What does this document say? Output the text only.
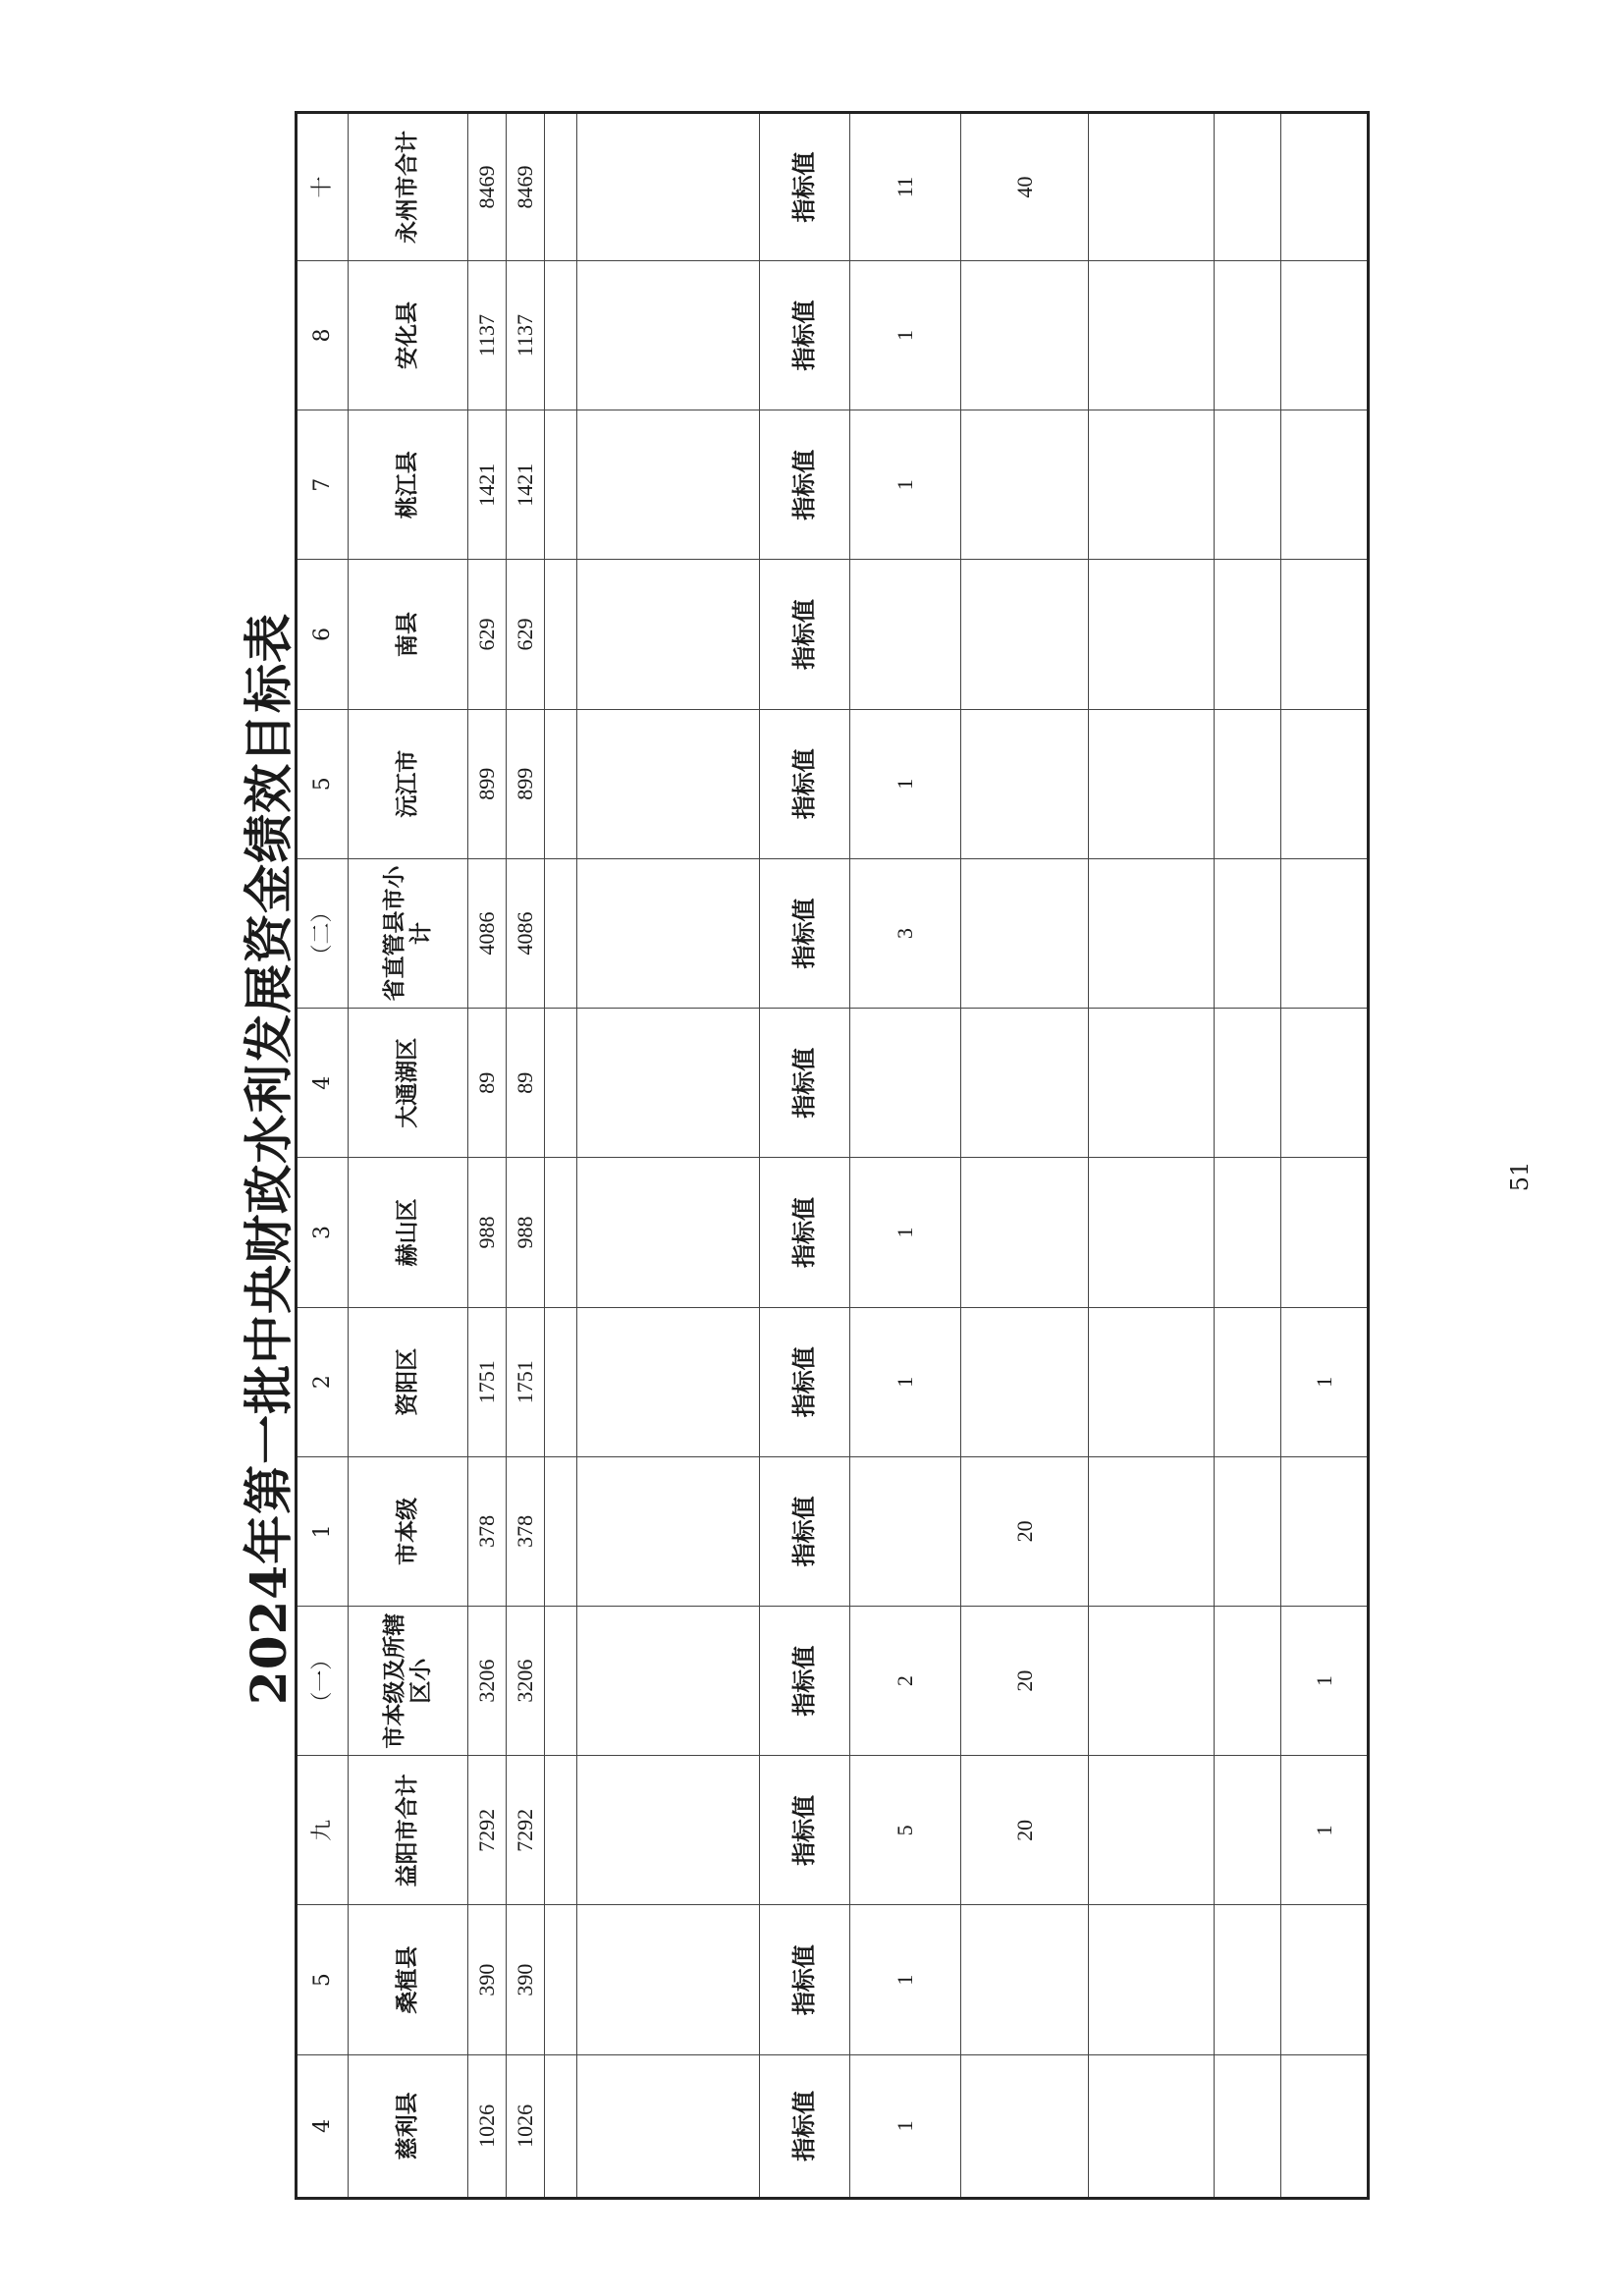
2024年第一批中央财政水利发展资金绩效目标表
4	5	九	（一）	1	2	3	4	（二）	5	6	7	8	十
慈利县	桑植县	益阳市合计	市本级及所辖区小	市本级	资阳区	赫山区	大通湖区	省直管县市小计	沅江市	南县	桃江县	安化县	永州市合计
1026	390	7292	3206	378	1751	988	89	4086	899	629	1421	1137	8469
1026	390	7292	3206	378	1751	988	89	4086	899	629	1421	1137	8469

指标值	指标值	指标值	指标值	指标值	指标值	指标值	指标值	指标值	指标值	指标值	指标值	指标值	指标值
1	1	5	2		1	1		3	1		1	1	11
		20	20	20									40

		1	1		1								
51
